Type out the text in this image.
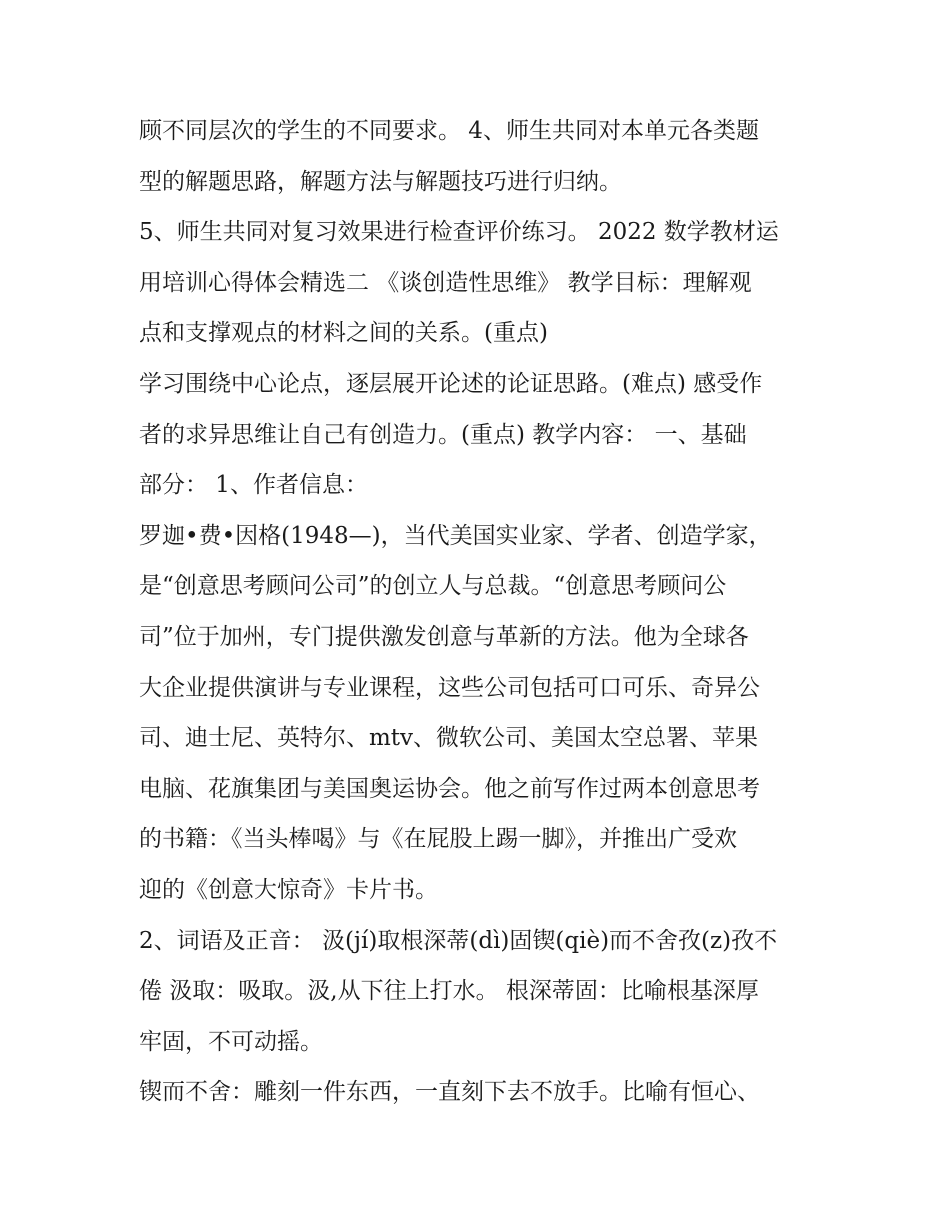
顾不同层次的学生的不同要求。 4、师生共同对本单元各类题
型的解题思路，解题方法与解题技巧进行归纳。
5、师生共同对复习效果进行检查评价练习。 2022 数学教材运
用培训心得体会精选二 《谈创造性思维》 教学目标：理解观
点和支撑观点的材料之间的关系。(重点)
学习围绕中心论点，逐层展开论述的论证思路。(难点) 感受作
者的求异思维让自己有创造力。(重点) 教学内容： 一、基础
部分： 1、作者信息：
罗迦•费•因格(1948—)，当代美国实业家、学者、创造学家，
是“创意思考顾问公司”的创立人与总裁。“创意思考顾问公
司”位于加州，专门提供激发创意与革新的方法。他为全球各
大企业提供演讲与专业课程，这些公司包括可口可乐、奇异公
司、迪士尼、英特尔、mtv、微软公司、美国太空总署、苹果
电脑、花旗集团与美国奥运协会。他之前写作过两本创意思考
的书籍：《当头棒喝》与《在屁股上踢一脚》，并推出广受欢
迎的《创意大惊奇》卡片书。
2、词语及正音： 汲(jí)取根深蒂(dì)固锲(qiè)而不舍孜(z)孜不
倦 汲取：吸取。汲,从下往上打水。 根深蒂固：比喻根基深厚
牢固，不可动摇。
锲而不舍：雕刻一件东西，一直刻下去不放手。比喻有恒心、
